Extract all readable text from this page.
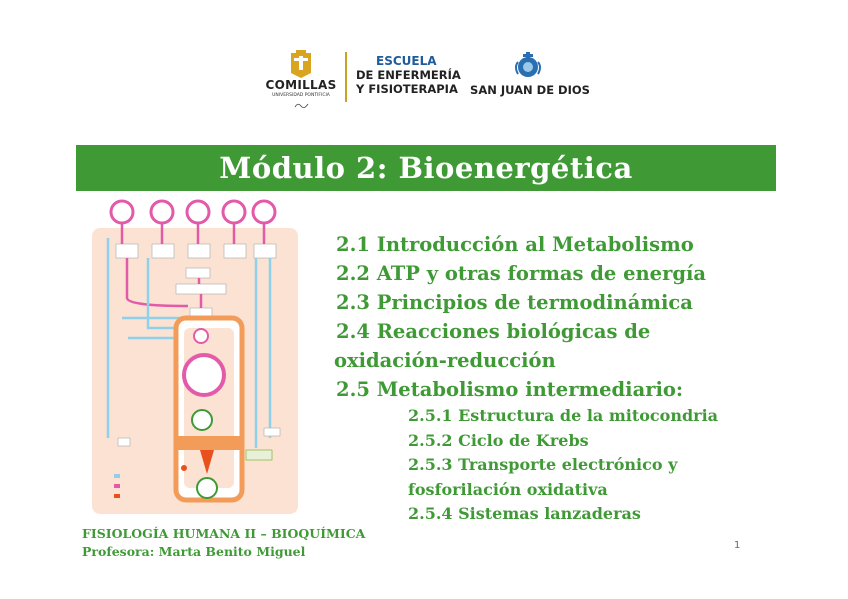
COMILLAS
UNIVERSIDAD PONTIFICIA
ESCUELA
DE ENFERMERÍA
Y FISIOTERAPIA SAN JUAN DE DIOS
Módulo 2: Bioenergética
2.1 Introducción al Metabolismo
2.2 ATP y otras formas de energía
2.3 Principios de termodinámica
2.4 Reacciones biológicas de
oxidación-reducción
2.5 Metabolismo intermediario:
2.5.1 Estructura de la mitocondria
2.5.2 Ciclo de Krebs
2.5.3 Transporte electrónico y
fosforilación oxidativa
2.5.4 Sistemas lanzaderas
FISIOLOGÍA HUMANA II – BIOQUÍMICA
Profesora: Marta Benito Miguel	1
